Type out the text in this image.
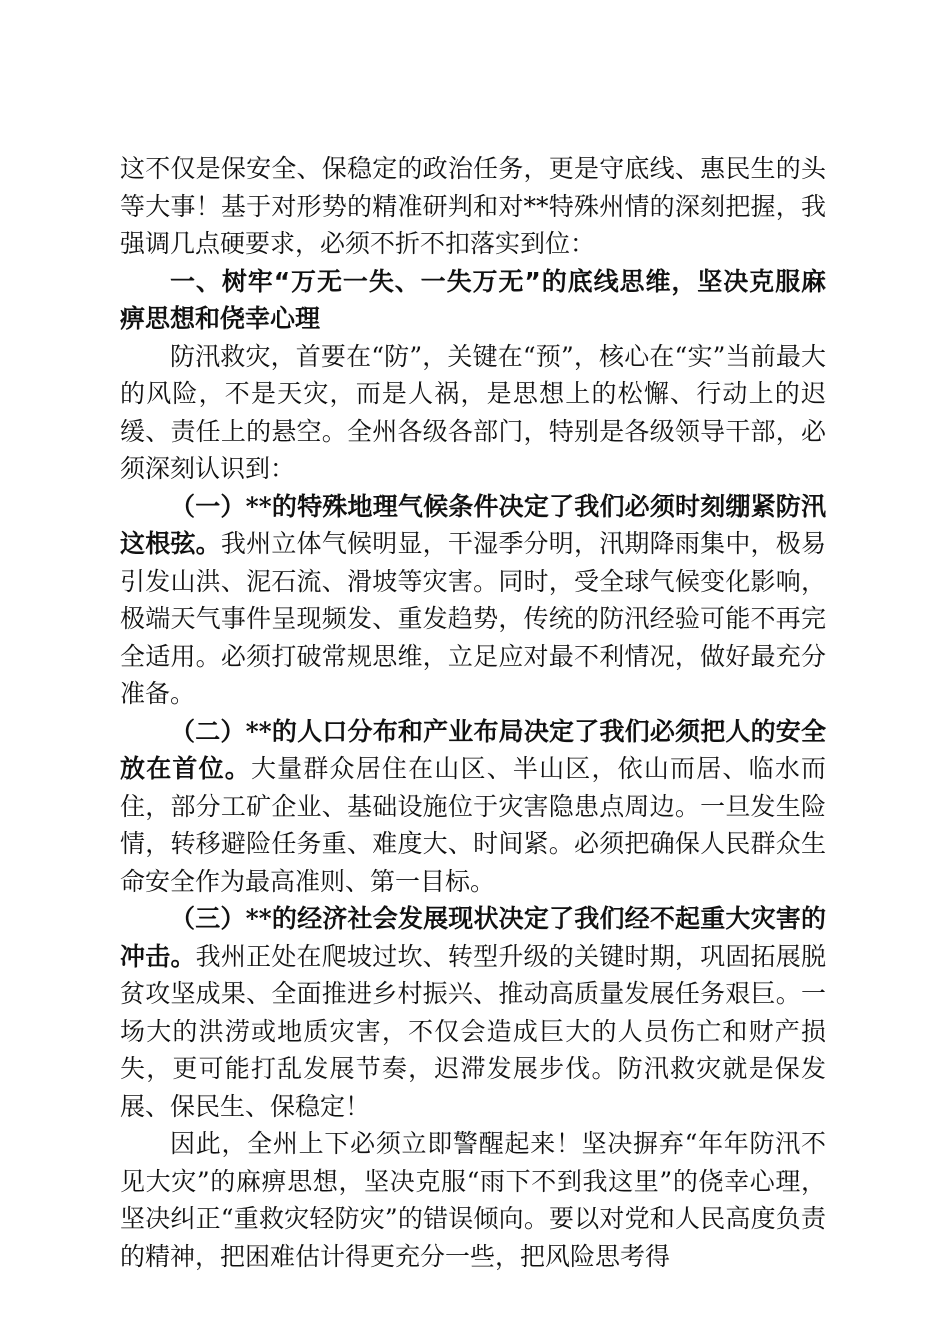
这不仅是保安全、保稳定的政治任务，更是守底线、惠民生的头等大事！基于对形势的精准研判和对**特殊州情的深刻把握，我强调几点硬要求，必须不折不扣落实到位：

一、树牢“万无一失、一失万无”的底线思维，坚决克服麻痹思想和侥幸心理

防汛救灾，首要在“防”，关键在“预”，核心在“实”当前最大的风险，不是天灾，而是人祸，是思想上的松懈、行动上的迟缓、责任上的悬空。全州各级各部门，特别是各级领导干部，必须深刻认识到：

（一）**的特殊地理气候条件决定了我们必须时刻绷紧防汛这根弦。我州立体气候明显，干湿季分明，汛期降雨集中，极易引发山洪、泥石流、滑坡等灾害。同时，受全球气候变化影响，极端天气事件呈现频发、重发趋势，传统的防汛经验可能不再完全适用。必须打破常规思维，立足应对最不利情况，做好最充分准备。

（二）**的人口分布和产业布局决定了我们必须把人的安全放在首位。大量群众居住在山区、半山区，依山而居、临水而住，部分工矿企业、基础设施位于灾害隐患点周边。一旦发生险情，转移避险任务重、难度大、时间紧。必须把确保人民群众生命安全作为最高准则、第一目标。

（三）**的经济社会发展现状决定了我们经不起重大灾害的冲击。我州正处在爬坡过坎、转型升级的关键时期，巩固拓展脱贫攻坚成果、全面推进乡村振兴、推动高质量发展任务艰巨。一场大的洪涝或地质灾害，不仅会造成巨大的人员伤亡和财产损失，更可能打乱发展节奏，迟滞发展步伐。防汛救灾就是保发展、保民生、保稳定！

因此，全州上下必须立即警醒起来！坚决摒弃“年年防汛不见大灾”的麻痹思想，坚决克服“雨下不到我这里”的侥幸心理，坚决纠正“重救灾轻防灾”的错误倾向。要以对党和人民高度负责的精神，把困难估计得更充分一些，把风险思考得
